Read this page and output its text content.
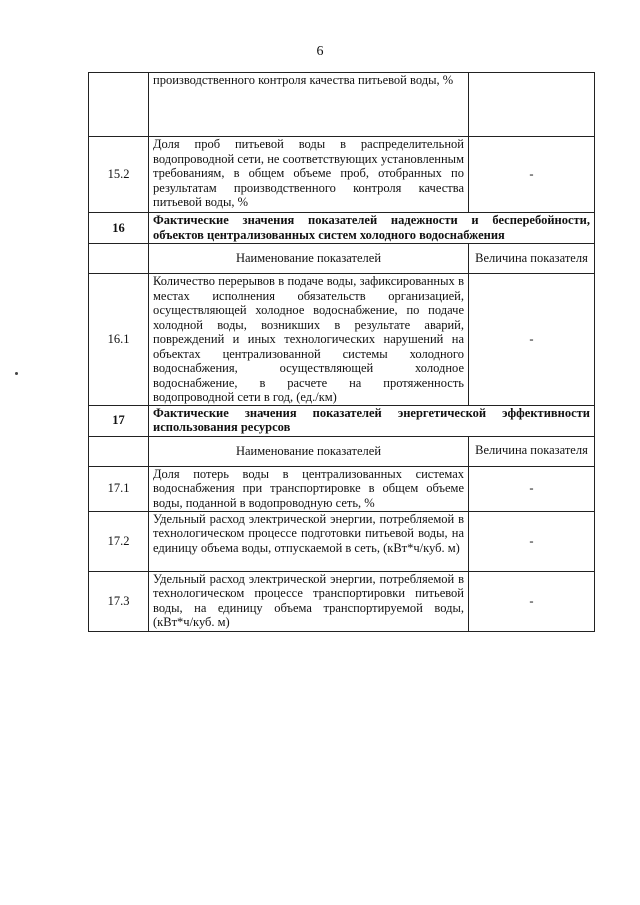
6
	производственного контроля качества питьевой воды, %	
15.2	Доля проб питьевой воды в распределительной водопроводной сети, не соответствующих установленным требованиям, в общем объеме проб, отобранных по результатам производственного контроля качества питьевой воды, %	-
16	Фактические значения показателей надежности и бесперебойности, объектов централизованных систем холодного водоснабжения	
	Наименование показателей	Величина показателя
16.1	Количество перерывов в подаче воды, зафиксированных в местах исполнения обязательств организацией, осуществляющей холодное водоснабжение, по подаче холодной воды, возникших в результате аварий, повреждений и иных технологических нарушений на объектах централизованной системы холодного водоснабжения, осуществляющей холодное водоснабжение, в расчете на протяженность водопроводной сети в год, (ед./км)	-
17	Фактические значения показателей энергетической эффективности использования ресурсов	
	Наименование показателей	Величина показателя
17.1	Доля потерь воды в централизованных системах водоснабжения при транспортировке в общем объеме воды, поданной в водопроводную сеть, %	-
17.2	Удельный расход электрической энергии, потребляемой в технологическом процессе подготовки питьевой воды, на единицу объема воды, отпускаемой в сеть, (кВт*ч/куб. м)	-
17.3	Удельный расход электрической энергии, потребляемой в технологическом процессе транспортировки питьевой воды, на единицу объема транспортируемой воды, (кВт*ч/куб. м)	-
